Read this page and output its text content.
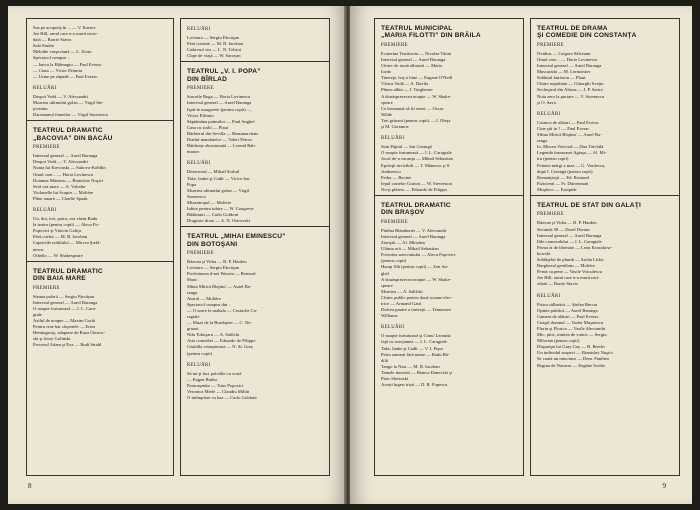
Sus pe acoperiş în ... — V. Kataev
Joe Hill, omul care n-a murit nicio-
dată — Barrie Stavis
Sala Studio
Melodie varşoviană — L. Zorin
Spectacol compus :
— Iancu la Hălmagiu — Paul Everac
— Ciuta — Victor Eftimiu
— Urme pe zăpadă — Paul Everac
RELUĂRI
Despot Vodă — V. Alecsandri
Moartea ultimului golan — Virgil Ste-
ţoveanu
Daosmanul femeilor — Virgil Stoenescu
TEATRUL DRAMATIC
„BACOVIA” DIN BACĂU
PREMIERE
Interesul general — Aurel Baranga
Despot Vodă — V. Alecsandri
Nunta lui Krecinski — Suhovo-Kobîlin
Omul care... — Horia Lovinescu
Doamna Ministru — Branislav Nuşici
Seră cea mare — A. Volodin
Violonelle lui Scapin — Molière
Pîine amară — Charlie Spaak
RELUĂRI
Un, doi, trei, patru, cea văzut Radu
la teatru (pentru copii) — Alecu Po-
Popovici şi Vinicin Gafiţu
Fără cuvînt — M. B. Iacoban
Capriciile nobilului — Mircea Ştefă-
nescu
Othello — W. Shakespeare
TEATRUL DRAMATIC
DIN BAIA MARE
PREMIERE
Steaua polară — Sergiu Fărcăşan
Interesul general — Aurel Baranga
O noapte furtunoasă — I. L. Cara-
giale
Azilul de noapte — Maxim Gorki
Pentru cine bat clopotele — Ernst
Hemingway, adaptare de Ruza Ostrow-
ski şi Jerzy Goliński
Procesul Adam şi Eva — Rudi Strahl
RELUĂRI
Lovitura — Sergiu Fărcăşan
Fără cuvinte — M. B. Iacoban
Cadavrul viu — L. N. Tolstoi
Clipe de viaţă — W. Saroyan
TEATRUL „V. I. POPA”
DIN BÎRLAD
PREMIERE
Surorile Boga — Horia Lovinescu
Interesul general — Aurel Baranga
Ispit-te margarete (pentru copii) —
Victor Eftimiu
Săptămâna patimilor — Paul Anghel
Casa cu stafii — Plaut
Bărbierul din Sevilla — Beaumarchais
Duelul mandatelor — Valeri Petrov
Bătrîneţe zbuciumată — Leonid Rah-
manov
RELUĂRI
Dezertorul — Mihail Sorbul
Take, Ianke şi Cadîr — Victor Ion
Popa
Moartea ultimului golan — Virgil
Stoenescu
Mizantropul — Molière
Iubire pentru iubire — W. Congreve
Bădăranii — Carlo Goldoni
Dragoste tîrzie — A. N. Ostrovski
TEATRUL „MIHAI EMINESCU”
DIN BOTOŞANI
PREMIERE
Răzvan şi Vidra — B. P. Hasdeu
Lovitura — Sergiu Fărcăşan
Profesiunea d-nei Warren — Bernard
Shaw
Slînta Mitică Blajinu' — Aurel Ba-
ranga
Avarul — Molière
Spectacol compus din :
— O soare la mahala — Costache Ca-
ragiale
— Muza de la Burdujeni — C. Ne-
gruzzi
Nila Toboşaru — A. Saltîcki
Arta comediei — Eduardo de Filippo
Ceafalla cenuşăreasa — N. St. Grey
(pentru copii)
RELUĂRI
Să nu-ţi faci prăvălie cu scară
— Eugen Barbu
Paracaşenko — Titus Popovici
Veronica Miele — Claudiu Millin
O intîmplare cu haz — Carlo Goldoni
8
TEATRUL MUNICIPAL
„MARIA FILOTTI” DIN BRĂILA
PREMIERE
Ecaterina Teodoroiu — Nicolae Tăutu
Interesul general — Aurel Baranga
Cîntec de iarnă albastră — Maria
Iorda
Tinereţe, hoţ-o bine — Eugene O'Neill
Vlaicu Vodă — A. Davila
Pîinea albin — I. Turghenev
A douăsprezecea noapte — W. Shake-
speare
Ce înseamnă să fii onest — Oscar
Wilde
Trei grăsani (pentru copii) — I. Oleşa
şi M. Gorianov
RELUĂRI
Stan Păţitul — Ion Creangă
O noapte furtunoasă — I. L. Caragiale
Jocul de-a vacanţa — Mihail Sebastian
Epoleţii invizibili — T. Mănescu şi S.
Andreescu
Fedra — Racine
Iepul castelor Gurton — W. Stevenson
Nu-ţi plătesc — Eduardo de Filippo
TEATRUL DRAMATIC
DIN BRAŞOV
PREMIERE
Fîntîna Blanduziei — V. Alecsandri
Interesul general — Aurel Baranga
Ziariştii — Al. Mirodan
Ultima oră — Mihail Sebastian
Povestea arteconiului — Alecu Popovici
(pentru copii)
Harap Alb (pentru copii) — Zen An-
ghel
A douăsprezecea noapte — W. Shake-
speare
Moartea — A. Saltîcki
Cîntec public pentru două scaune elec-
trice — Armand Gatti
Dulcea pasăre a tinereţii — Tennessee
Williams
RELUĂRI
O noapte furtunoasă şi Conu' Leonida
faţă cu reacţiunea — I. L. Caragiale
Take, Ianke şi Cadîr — V. I. Popa
Patru oameni fără nume — Radu Bă-
dilă
Tango la Nisa — M. B. Iacoban
Tainele tineretii — Bianca Danevski şi
Piotr Slavinski
Acești îngeri triști — D. R. Popescu
TEATRUL DE DRAMA
ŞI COMEDIE DIN CONSTANŢA
PREMIERE
Ovidius — Grigore Sălceanu
Omul care... — Horia Lovinescu
Interesul general — Aurel Baranga
Mascarada — M. Lermontov
Soldatul fanfaron — Plaut
Cîntec napolitan — Ghiorghi Svejin
Secheştrul din Altona — J. P. Sartre
Nota zero la purtare — V. Stoenescu
şi O. Sava
RELUĂRI
Casnica de alături — Paul Everac
Cine ştii tu ? — Paul Everac
Sfînta Mitică Blajinu' — Aurel Ba-
ranga
Io, Mircea Voievod — Dan Tărchilă
Legenda frumoasei Agiaşa — Al. Mi-
tru (pentru copii)
Femeia mărgi a mea — G. Vasilescu,
după I. Creangă (pentru copii)
Romanţioşii — Ed. Rostand
Fizicienii — Fr. Dürrenmatt
Moşdeco — Euripide
TEATRUL DE STAT DIN GALAŢI
PREMIERE
Răzvan şi Vidra — B. P. Hasdeu
Secunda 58 — Dorel Dorian
Interesul general — Aurel Baranga
Ifde carnavalului — I. L. Caragiale
Prima zi de libertate — Leon Kruczkow-
kowski
Soldăţelul de plumb — Sacha Lichy
Burghezul gentilom — Molière
Pernă cu pene — Vasile Voiculescu
Joe Hill, omul care n-a murit nici-
odată — Barrie Stavis
RELUĂRI
Pisica sălbatică — Ştefan Berciu
Opinia publică — Aurel Baranga
Camera de alături — Paul Everac
Ceaşul domnul — Tudor Muşatescu
Florin şi Florica — Vasile Alecsandri
Mic, pitic, mintea de voinic — Sergiu
Milorian (pentru copii)
Dispariţia lui Gary Gay — B. Brecht
Un individul suspect — Branislav Nuşici
Se caută un mincinos — Dem. Panthea
Regina de Navarra — Eugène Scribe
9
